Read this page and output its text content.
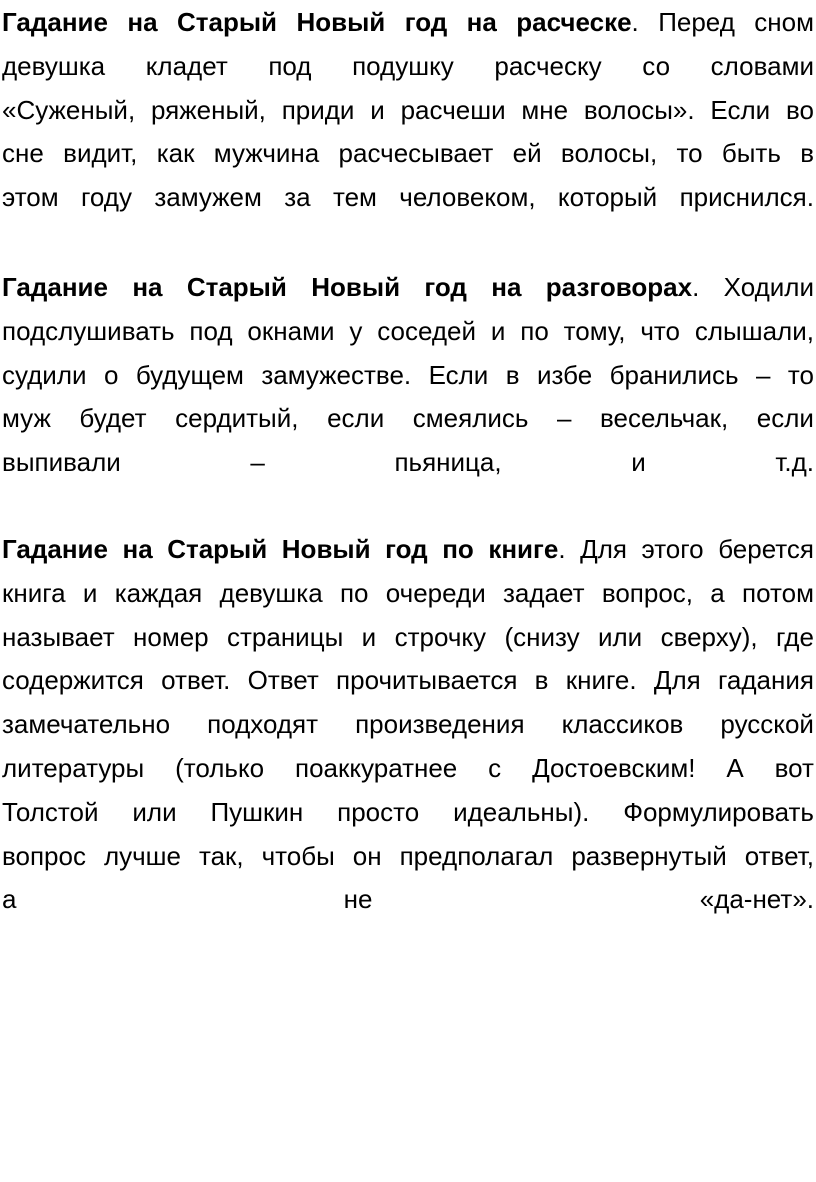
Гадание на Старый Новый год на расческе. Перед сном
девушка кладет под подушку расческу со словами
«Суженый, ряженый, приди и расчеши мне волосы». Если во
сне видит, как мужчина расчесывает ей волосы, то быть в
этом году замужем за тем человеком, который приснился.
Гадание на Старый Новый год на разговорах. Ходили
подслушивать под окнами у соседей и по тому, что слышали,
судили о будущем замужестве. Если в избе бранились – то
муж будет сердитый, если смеялись – весельчак, если
выпивали	–	пьяница,	и	т.д.
Гадание на Старый Новый год по книге. Для этого берется
книга и каждая девушка по очереди задает вопрос, а потом
называет номер страницы и строчку (снизу или сверху), где
содержится ответ. Ответ прочитывается в книге. Для гадания
замечательно подходят произведения классиков русской
литературы (только поаккуратнее с Достоевским! А вот
Толстой или Пушкин просто идеальны). Формулировать
вопрос лучше так, чтобы он предполагал развернутый ответ,
а	не	«да-нет».
